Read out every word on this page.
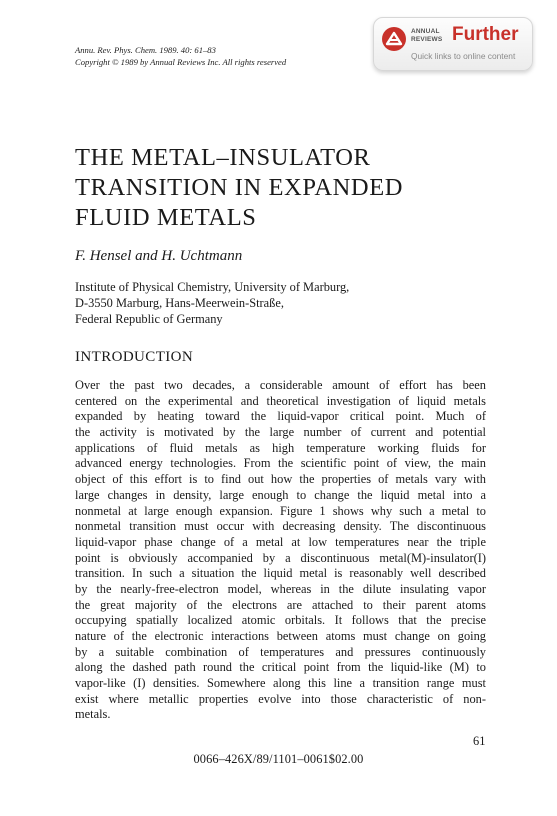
Annu. Rev. Phys. Chem. 1989. 40: 61–83
Copyright © 1989 by Annual Reviews Inc. All rights reserved
ANNUAL
REVIEWS Further
Quick links to online content
THE METAL–INSULATOR
TRANSITION IN EXPANDED
FLUID METALS
F. Hensel and H. Uchtmann
Institute of Physical Chemistry, University of Marburg,
D-3550 Marburg, Hans-Meerwein-Straße,
Federal Republic of Germany
INTRODUCTION
Over the past two decades, a considerable amount of effort has been
centered on the experimental and theoretical investigation of liquid metals
expanded by heating toward the liquid-vapor critical point. Much of
the activity is motivated by the large number of current and potential
applications of fluid metals as high temperature working fluids for
advanced energy technologies. From the scientific point of view, the main
object of this effort is to find out how the properties of metals vary with
large changes in density, large enough to change the liquid metal into a
nonmetal at large enough expansion. Figure 1 shows why such a metal to
nonmetal transition must occur with decreasing density. The discontinuous
liquid-vapor phase change of a metal at low temperatures near the triple
point is obviously accompanied by a discontinuous metal(M)-insulator(I)
transition. In such a situation the liquid metal is reasonably well described
by the nearly-free-electron model, whereas in the dilute insulating vapor
the great majority of the electrons are attached to their parent atoms
occupying spatially localized atomic orbitals. It follows that the precise
nature of the electronic interactions between atoms must change on going
by a suitable combination of temperatures and pressures continuously
along the dashed path round the critical point from the liquid-like (M) to
vapor-like (I) densities. Somewhere along this line a transition range must
exist where metallic properties evolve into those characteristic of non-
metals.
61
0066–426X/89/1101–0061$02.00
